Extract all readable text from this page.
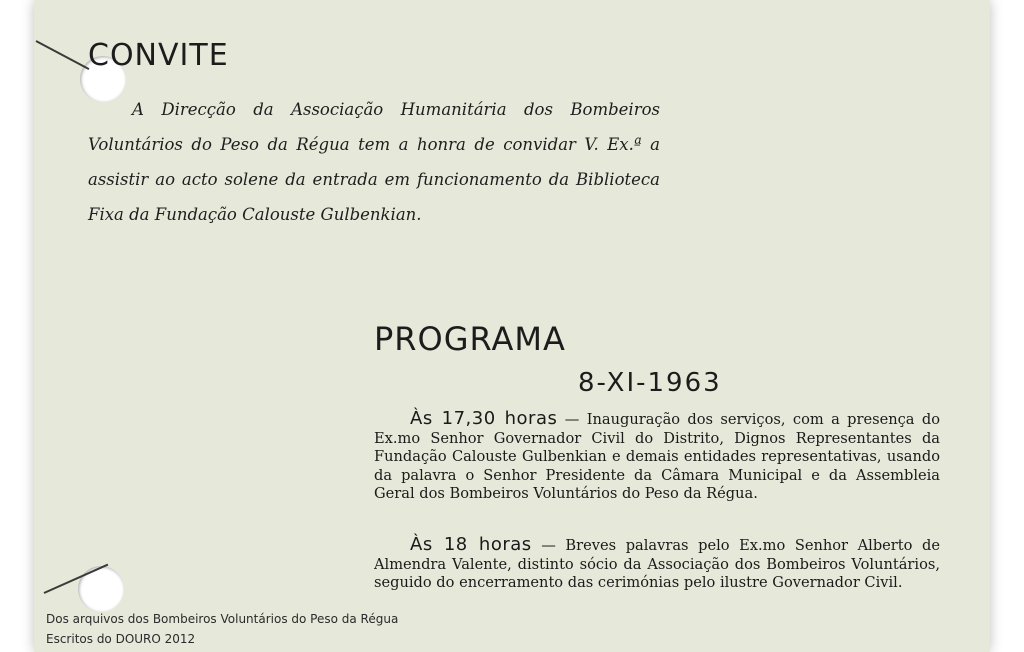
CONVITE

A Direcção da Associação Humanitária dos Bombeiros Voluntários do Peso da Régua tem a honra de convidar V. Ex.ª a assistir ao acto solene da entrada em funcionamento da Biblioteca Fixa da Fundação Calouste Gulbenkian.

PROGRAMA
8-XI-1963

Às 17,30 horas — Inauguração dos serviços, com a presença do Ex.mo Senhor Governador Civil do Distrito, Dignos Representantes da Fundação Calouste Gulbenkian e demais entidades representativas, usando da palavra o Senhor Presidente da Câmara Municipal e da Assembleia Geral dos Bombeiros Voluntários do Peso da Régua.

Às 18 horas — Breves palavras pelo Ex.mo Senhor Alberto de Almendra Valente, distinto sócio da Associação dos Bombeiros Voluntários, seguido do encerramento das cerimónias pelo ilustre Governador Civil.

Dos arquivos dos Bombeiros Voluntários do Peso da Régua

Escritos do DOURO 2012
